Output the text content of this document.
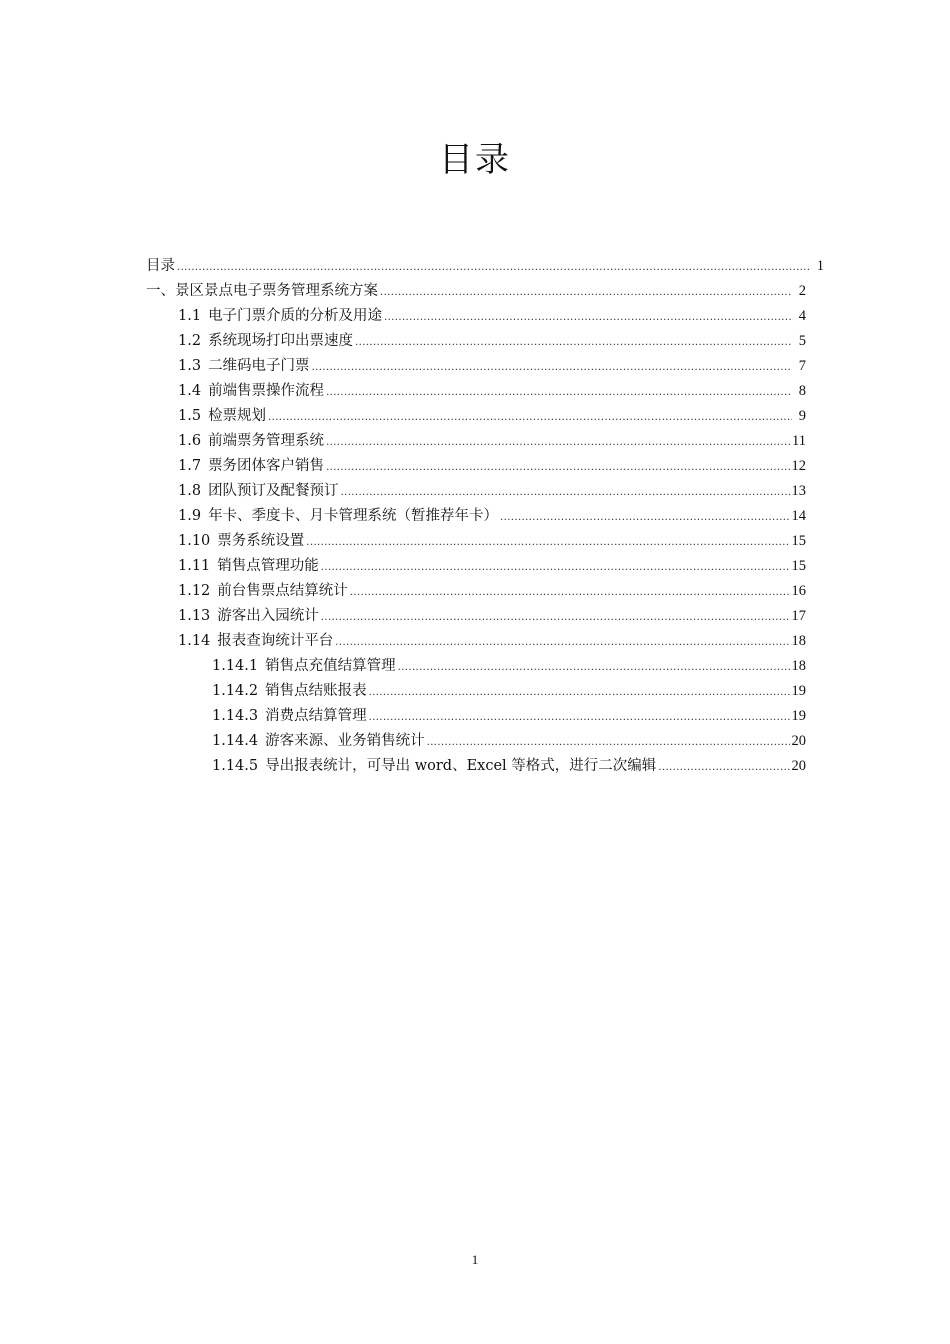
目录
目录 .....	1
一、景区景点电子票务管理系统方案 .....	2
1.1 电子门票介质的分析及用途 .....	4
1.2 系统现场打印出票速度 .....	5
1.3 二维码电子门票 .....	7
1.4 前端售票操作流程 .....	8
1.5 检票规划 .....	9
1.6 前端票务管理系统 .....	11
1.7 票务团体客户销售 .....	12
1.8 团队预订及配餐预订 .....	13
1.9 年卡、季度卡、月卡管理系统（暂推荐年卡） .....	14
1.10 票务系统设置 .....	15
1.11 销售点管理功能 .....	15
1.12 前台售票点结算统计 .....	16
1.13 游客出入园统计 .....	17
1.14 报表查询统计平台 .....	18
1.14.1 销售点充值结算管理 .....	18
1.14.2 销售点结账报表 .....	19
1.14.3 消费点结算管理 .....	19
1.14.4 游客来源、业务销售统计 .....	20
1.14.5 导出报表统计，可导出 word、Excel 等格式，进行二次编辑 .....	20
1
